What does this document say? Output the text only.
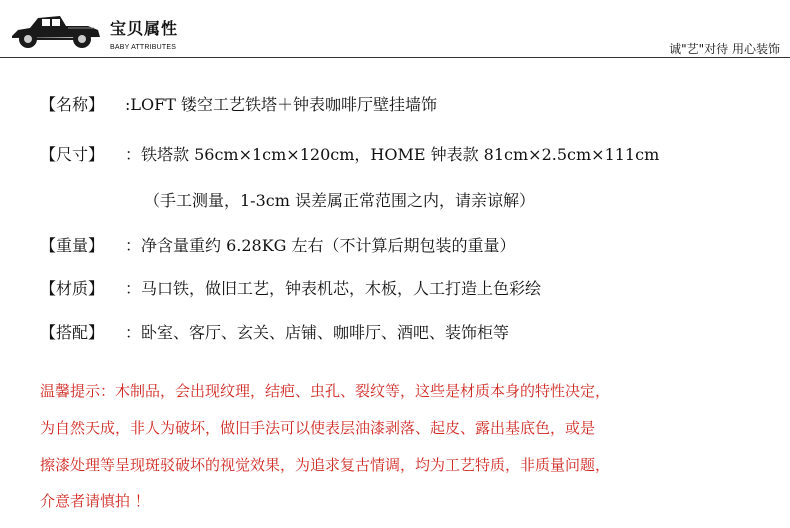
宝贝属性
BABY ATTRIBUTES	诚"艺"对待 用心装饰
【名称】 :LOFT 镂空工艺铁塔＋钟表咖啡厅壁挂墙饰
【尺寸】 ：铁塔款 56cm×1cm×120cm，HOME 钟表款 81cm×2.5cm×111cm
（手工测量，1-3cm 误差属正常范围之内，请亲谅解）
【重量】 ：净含量重约 6.28KG 左右（不计算后期包装的重量）
【材质】 ：马口铁，做旧工艺，钟表机芯，木板，人工打造上色彩绘
【搭配】 ：卧室、客厅、玄关、店铺、咖啡厅、酒吧、装饰柜等
温馨提示：木制品，会出现纹理，结疤、虫孔、裂纹等，这些是材质本身的特性决定，
为自然天成，非人为破坏，做旧手法可以使表层油漆剥落、起皮、露出基底色，或是
擦漆处理等呈现斑驳破坏的视觉效果，为追求复古情调，均为工艺特质，非质量问题，
介意者请慎拍 ！
